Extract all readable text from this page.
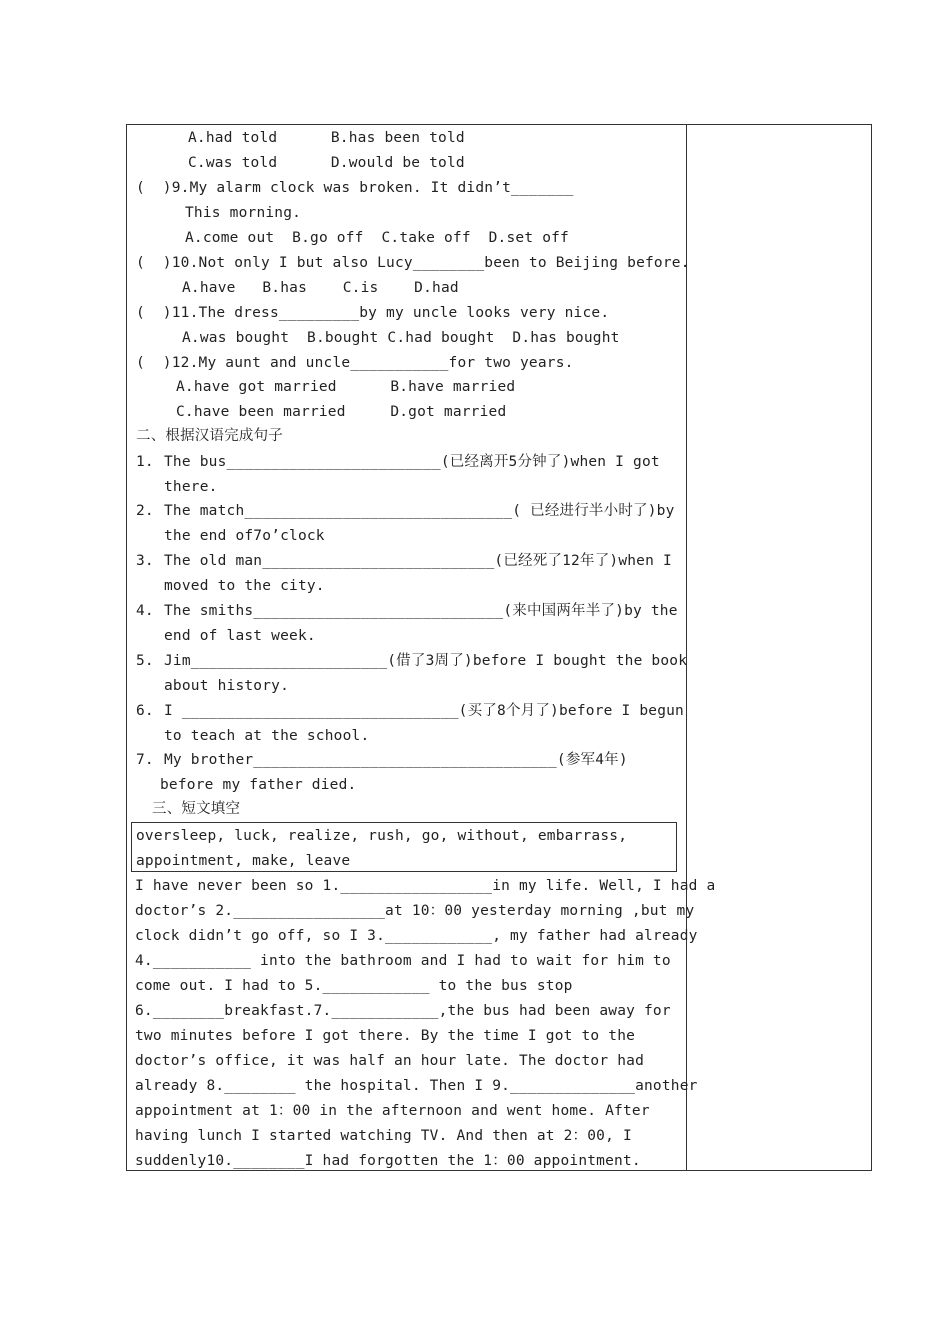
A.had told      B.has been told
C.was told      D.would be told
(  )9.My alarm clock was broken. It didn’t_______
This morning.
A.come out  B.go off  C.take off  D.set off
(  )10.Not only I but also Lucy________been to Beijing before.
A.have   B.has    C.is    D.had
(  )11.The dress_________by my uncle looks very nice.
A.was bought  B.bought C.had bought  D.has bought
(  )12.My aunt and uncle___________for two years.
A.have got married      B.have married
C.have been married     D.got married
二、根据汉语完成句子
1. The bus________________________(已经离开5分钟了)when I got
there.
2. The match______________________________( 已经进行半小时了)by
the end of7o’clock
3. The old man__________________________(已经死了12年了)when I
moved to the city.
4. The smiths____________________________(来中国两年半了)by the
end of last week.
5. Jim______________________(借了3周了)before I bought the book
about history.
6. I _______________________________(买了8个月了)before I begun
to teach at the school.
7. My brother__________________________________(参军4年)
before my father died.
三、短文填空
oversleep, luck, realize, rush, go, without, embarrass,
appointment, make, leave
I have never been so 1._________________in my life. Well, I had a
doctor’s 2._________________at 10：00 yesterday morning ,but my
clock didn’t go off, so I 3.____________, my father had already
4.___________ into the bathroom and I had to wait for him to
come out. I had to 5.____________ to the bus stop
6.________breakfast.7.____________,the bus had been away for
two minutes before I got there. By the time I got to the
doctor’s office, it was half an hour late. The doctor had
already 8.________ the hospital. Then I 9.______________another
appointment at 1：00 in the afternoon and went home. After
having lunch I started watching TV. And then at 2：00, I
suddenly10.________I had forgotten the 1：00 appointment.
